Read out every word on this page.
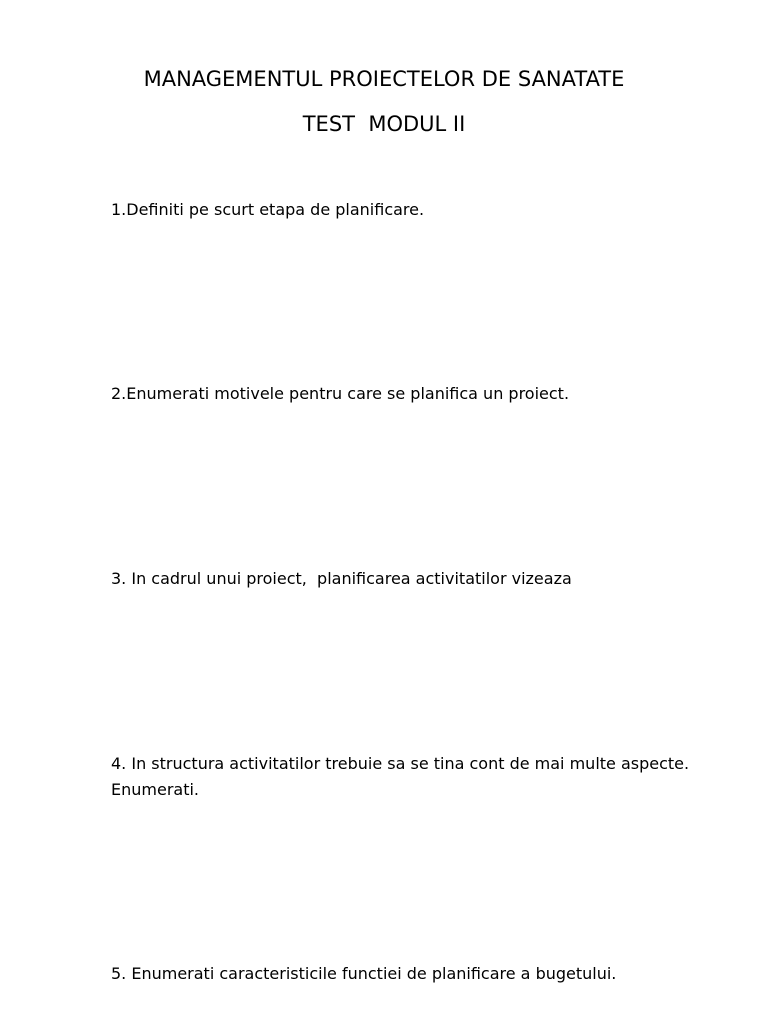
MANAGEMENTUL PROIECTELOR DE SANATATE
TEST  MODUL II

1.Definiti pe scurt etapa de planificare.

2.Enumerati motivele pentru care se planifica un proiect.

3. In cadrul unui proiect,  planificarea activitatilor vizeaza

4. In structura activitatilor trebuie sa se tina cont de mai multe aspecte. Enumerati.

5. Enumerati caracteristicile functiei de planificare a bugetului.
